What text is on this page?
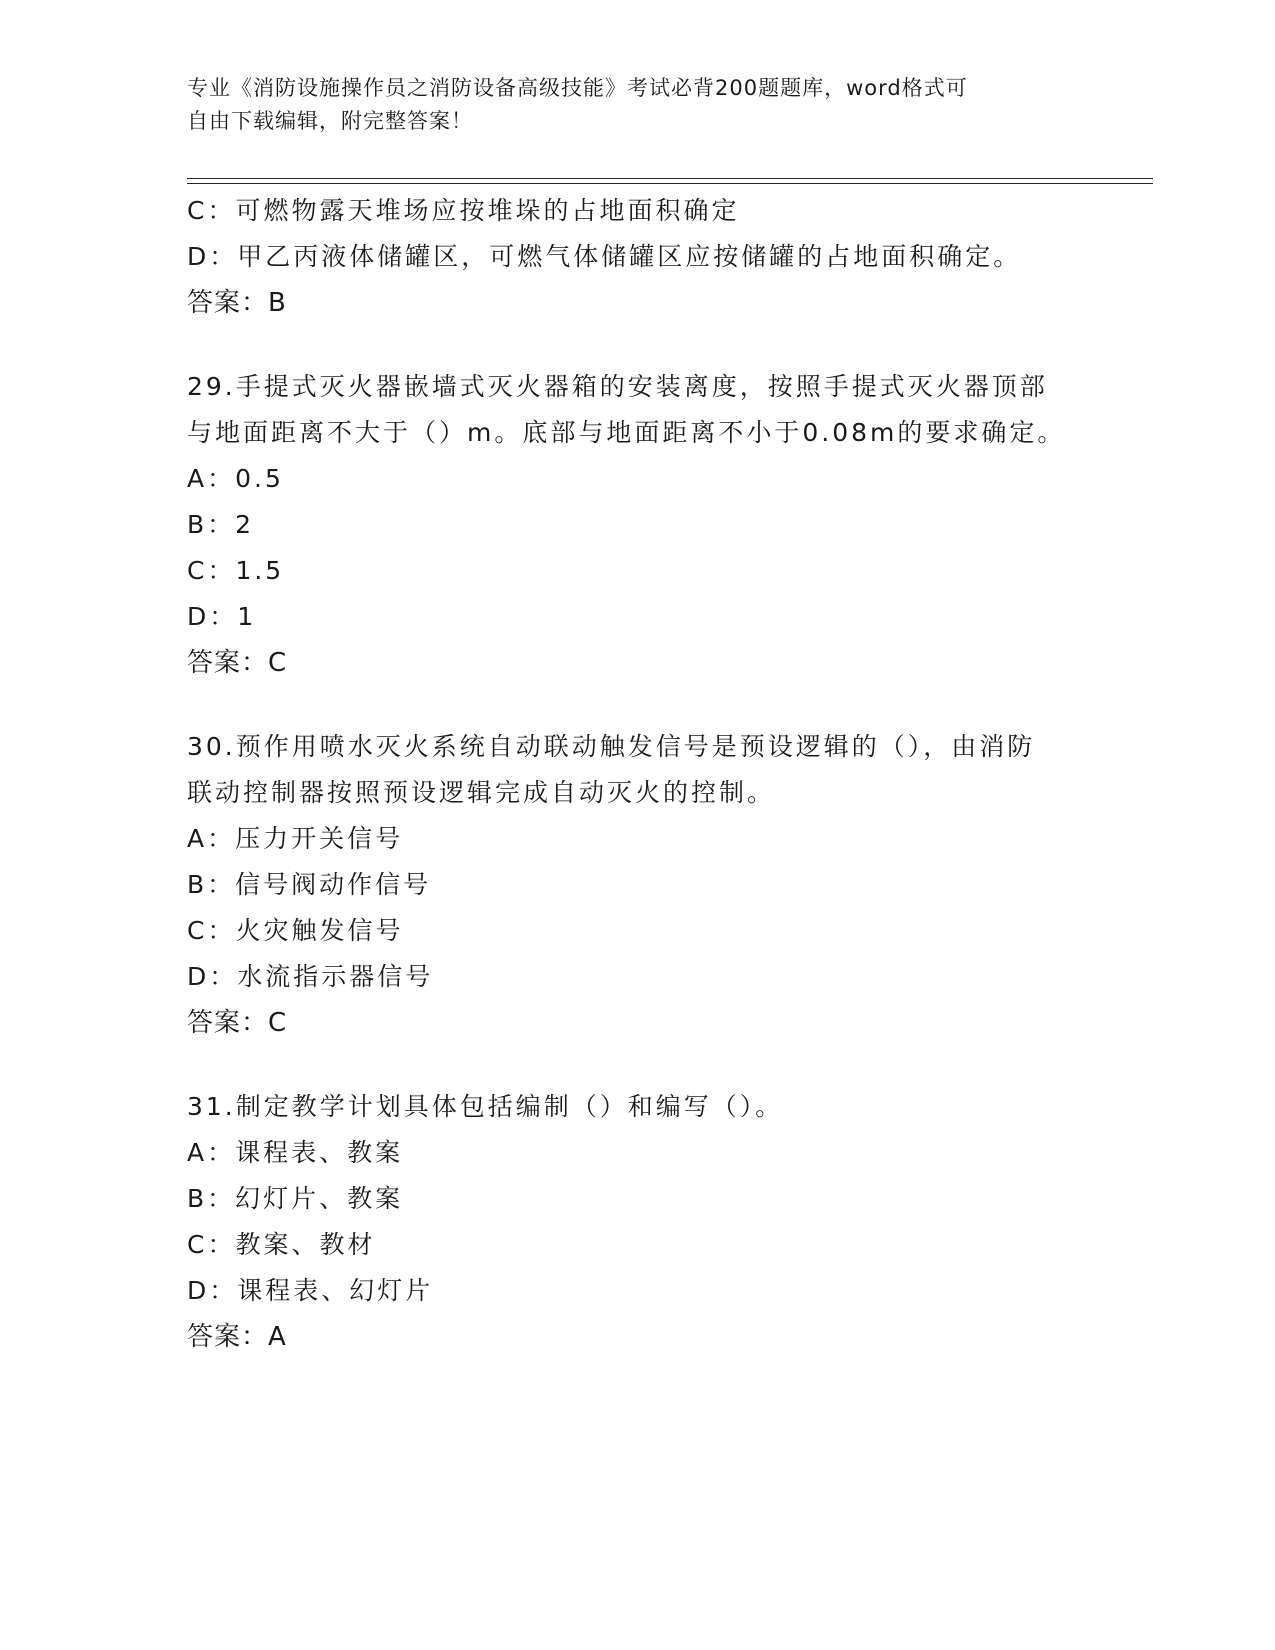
专业《消防设施操作员之消防设备高级技能》考试必背200题题库，word格式可
自由下载编辑，附完整答案！
C：可燃物露天堆场应按堆垛的占地面积确定
D：甲乙丙液体储罐区，可燃气体储罐区应按储罐的占地面积确定。
答案：B
29.手提式灭火器嵌墙式灭火器箱的安装离度，按照手提式灭火器顶部
与地面距离不大于（）m。底部与地面距离不小于0.08m的要求确定。
A：0.5
B：2
C：1.5
D：1
答案：C
30.预作用喷水灭火系统自动联动触发信号是预设逻辑的（），由消防
联动控制器按照预设逻辑完成自动灭火的控制。
A：压力开关信号
B：信号阀动作信号
C：火灾触发信号
D：水流指示器信号
答案：C
31.制定教学计划具体包括编制（）和编写（）。
A：课程表、教案
B：幻灯片、教案
C：教案、教材
D：课程表、幻灯片
答案：A
